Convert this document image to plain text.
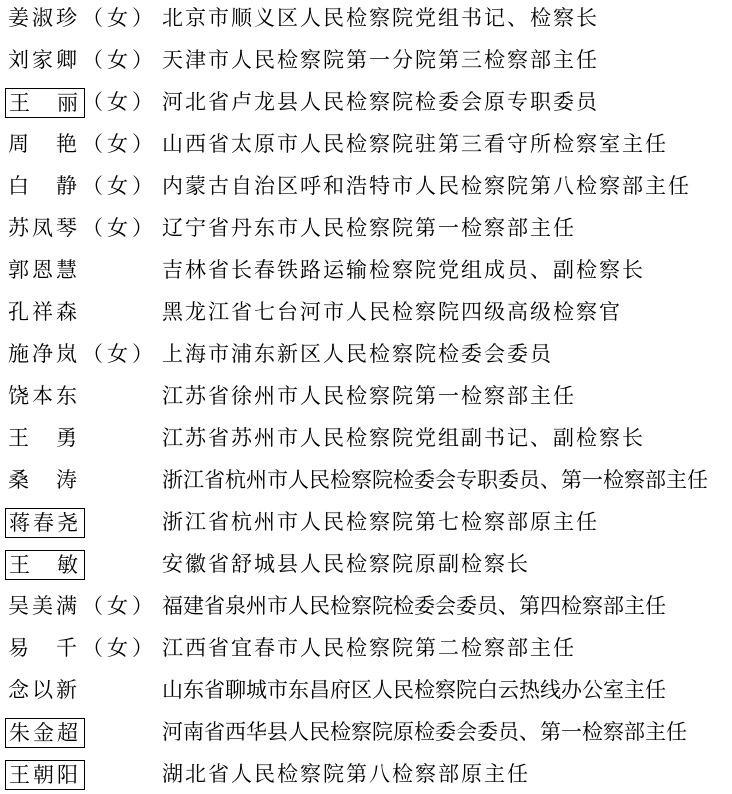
姜淑珍 （女） 北京市顺义区人民检察院党组书记、检察长
刘家卿 （女） 天津市人民检察院第一分院第三检察部主任
王　丽 （女） 河北省卢龙县人民检察院检委会原专职委员
周　艳 （女） 山西省太原市人民检察院驻第三看守所检察室主任
白　静 （女） 内蒙古自治区呼和浩特市人民检察院第八检察部主任
苏凤琴 （女） 辽宁省丹东市人民检察院第一检察部主任
郭恩慧	吉林省长春铁路运输检察院党组成员、副检察长
孔祥森	黑龙江省七台河市人民检察院四级高级检察官
施净岚 （女） 上海市浦东新区人民检察院检委会委员
饶本东	江苏省徐州市人民检察院第一检察部主任
王　勇	江苏省苏州市人民检察院党组副书记、副检察长
桑　涛	浙江省杭州市人民检察院检委会专职委员、第一检察部主任
蒋春尧	浙江省杭州市人民检察院第七检察部原主任
王　敏	安徽省舒城县人民检察院原副检察长
吴美满 （女） 福建省泉州市人民检察院检委会委员、第四检察部主任
易　千 （女） 江西省宜春市人民检察院第二检察部主任
念以新	山东省聊城市东昌府区人民检察院白云热线办公室主任
朱金超	河南省西华县人民检察院原检委会委员、第一检察部主任
王朝阳	湖北省人民检察院第八检察部原主任
